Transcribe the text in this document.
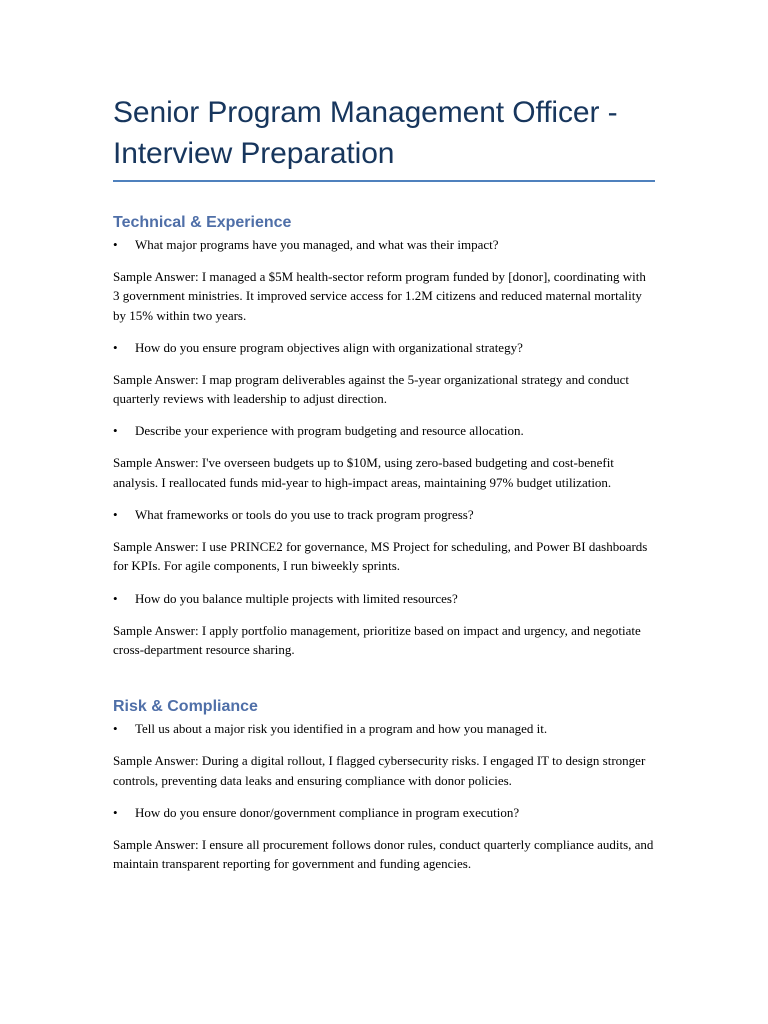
Senior Program Management Officer -
Interview Preparation
Technical & Experience

• What major programs have you managed, and what was their impact?

Sample Answer: I managed a $5M health-sector reform program funded by [donor], coordinating with 3 government ministries. It improved service access for 1.2M citizens and reduced maternal mortality by 15% within two years.

• How do you ensure program objectives align with organizational strategy?

Sample Answer: I map program deliverables against the 5-year organizational strategy and conduct quarterly reviews with leadership to adjust direction.

• Describe your experience with program budgeting and resource allocation.

Sample Answer: I've overseen budgets up to $10M, using zero-based budgeting and cost-benefit analysis. I reallocated funds mid-year to high-impact areas, maintaining 97% budget utilization.

• What frameworks or tools do you use to track program progress?

Sample Answer: I use PRINCE2 for governance, MS Project for scheduling, and Power BI dashboards for KPIs. For agile components, I run biweekly sprints.

• How do you balance multiple projects with limited resources?

Sample Answer: I apply portfolio management, prioritize based on impact and urgency, and negotiate cross-department resource sharing.

Risk & Compliance

• Tell us about a major risk you identified in a program and how you managed it.

Sample Answer: During a digital rollout, I flagged cybersecurity risks. I engaged IT to design stronger controls, preventing data leaks and ensuring compliance with donor policies.

• How do you ensure donor/government compliance in program execution?

Sample Answer: I ensure all procurement follows donor rules, conduct quarterly compliance audits, and maintain transparent reporting for government and funding agencies.
